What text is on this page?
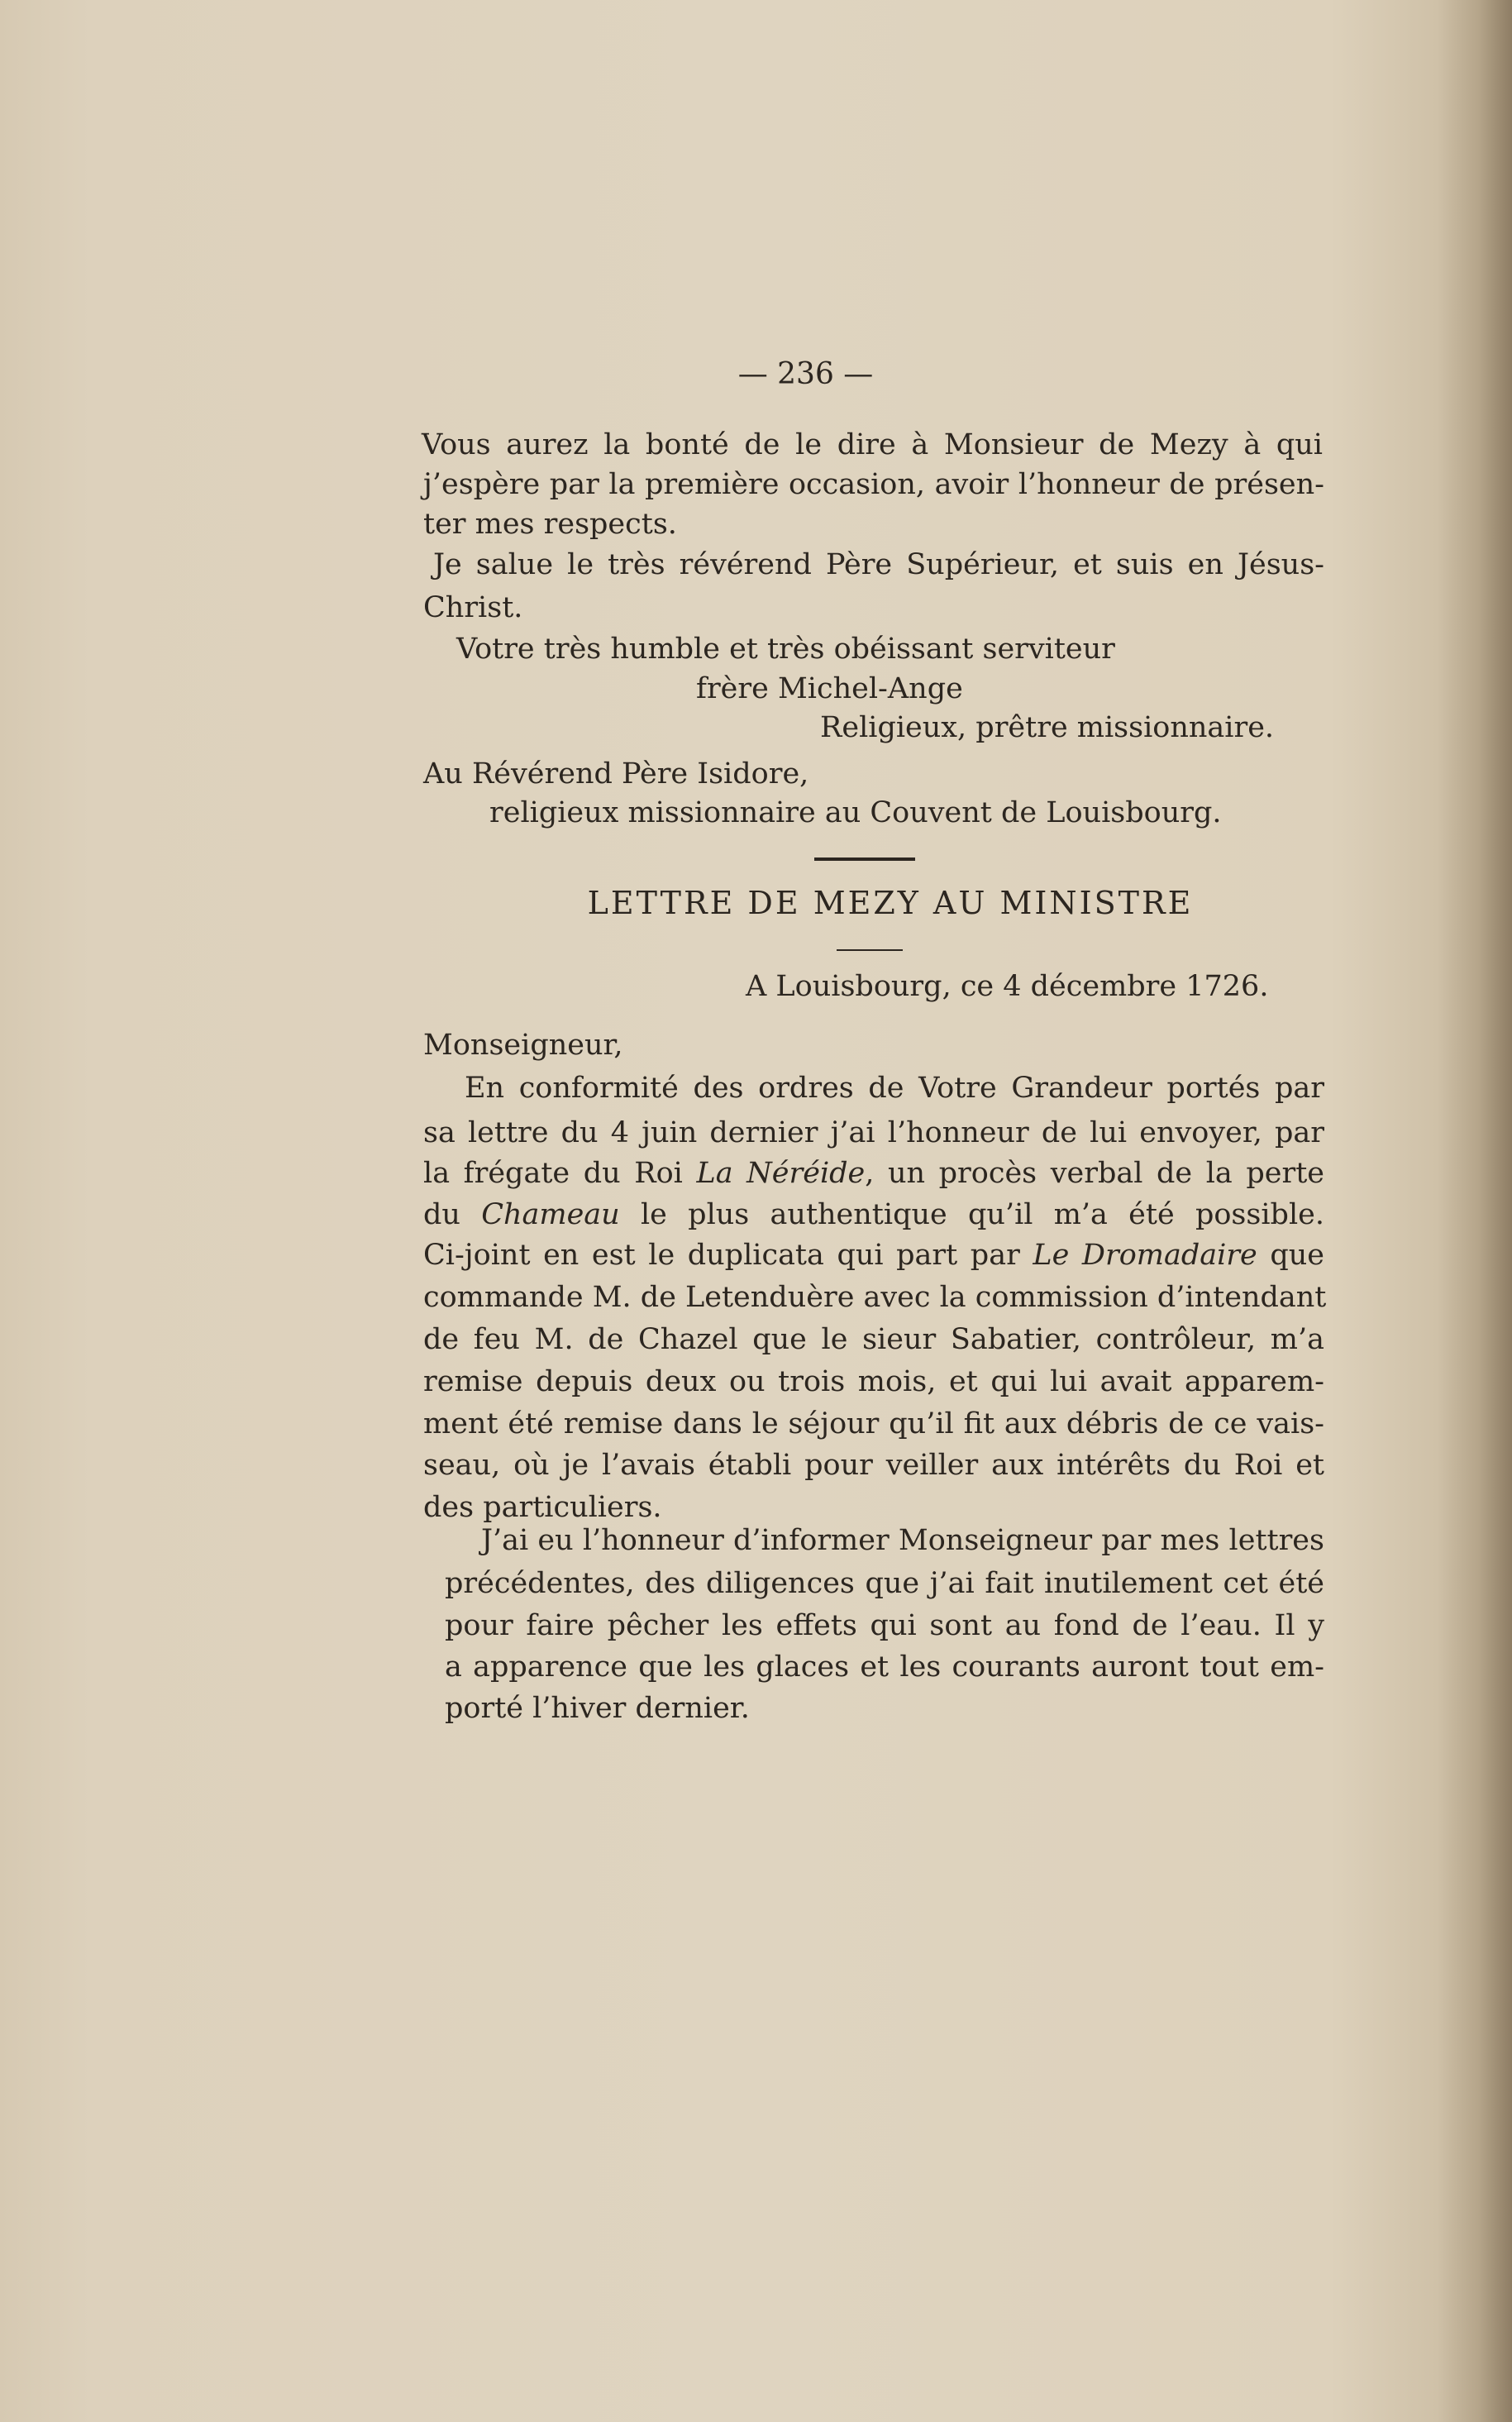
— 236 —
Vous aurez la bonté de le dire à Monsieur de Mezy à qui
j’espère par la première occasion, avoir l’honneur de présen-
ter mes respects.
Je salue le très révérend Père Supérieur, et suis en Jésus-
Christ.
Votre très humble et très obéissant serviteur
frère Michel-Ange
Religieux, prêtre missionnaire.
Au Révérend Père Isidore,
religieux missionnaire au Couvent de Louisbourg.
LETTRE DE MEZY AU MINISTRE
A Louisbourg, ce 4 décembre 1726.
Monseigneur,
En conformité des ordres de Votre Grandeur portés par
sa lettre du 4 juin dernier j’ai l’honneur de lui envoyer, par
la frégate du Roi La Néréide, un procès verbal de la perte
du Chameau le plus authentique qu’il m’a été possible.
Ci-joint en est le duplicata qui part par Le Dromadaire que
commande M. de Letenduère avec la commission d’intendant
de feu M. de Chazel que le sieur Sabatier, contrôleur, m’a
remise depuis deux ou trois mois, et qui lui avait apparem-
ment été remise dans le séjour qu’il fit aux débris de ce vais-
seau, où je l’avais établi pour veiller aux intérêts du Roi et
des particuliers.
J’ai eu l’honneur d’informer Monseigneur par mes lettres
précédentes, des diligences que j’ai fait inutilement cet été
pour faire pêcher les effets qui sont au fond de l’eau. Il y
a apparence que les glaces et les courants auront tout em-
porté l’hiver dernier.
